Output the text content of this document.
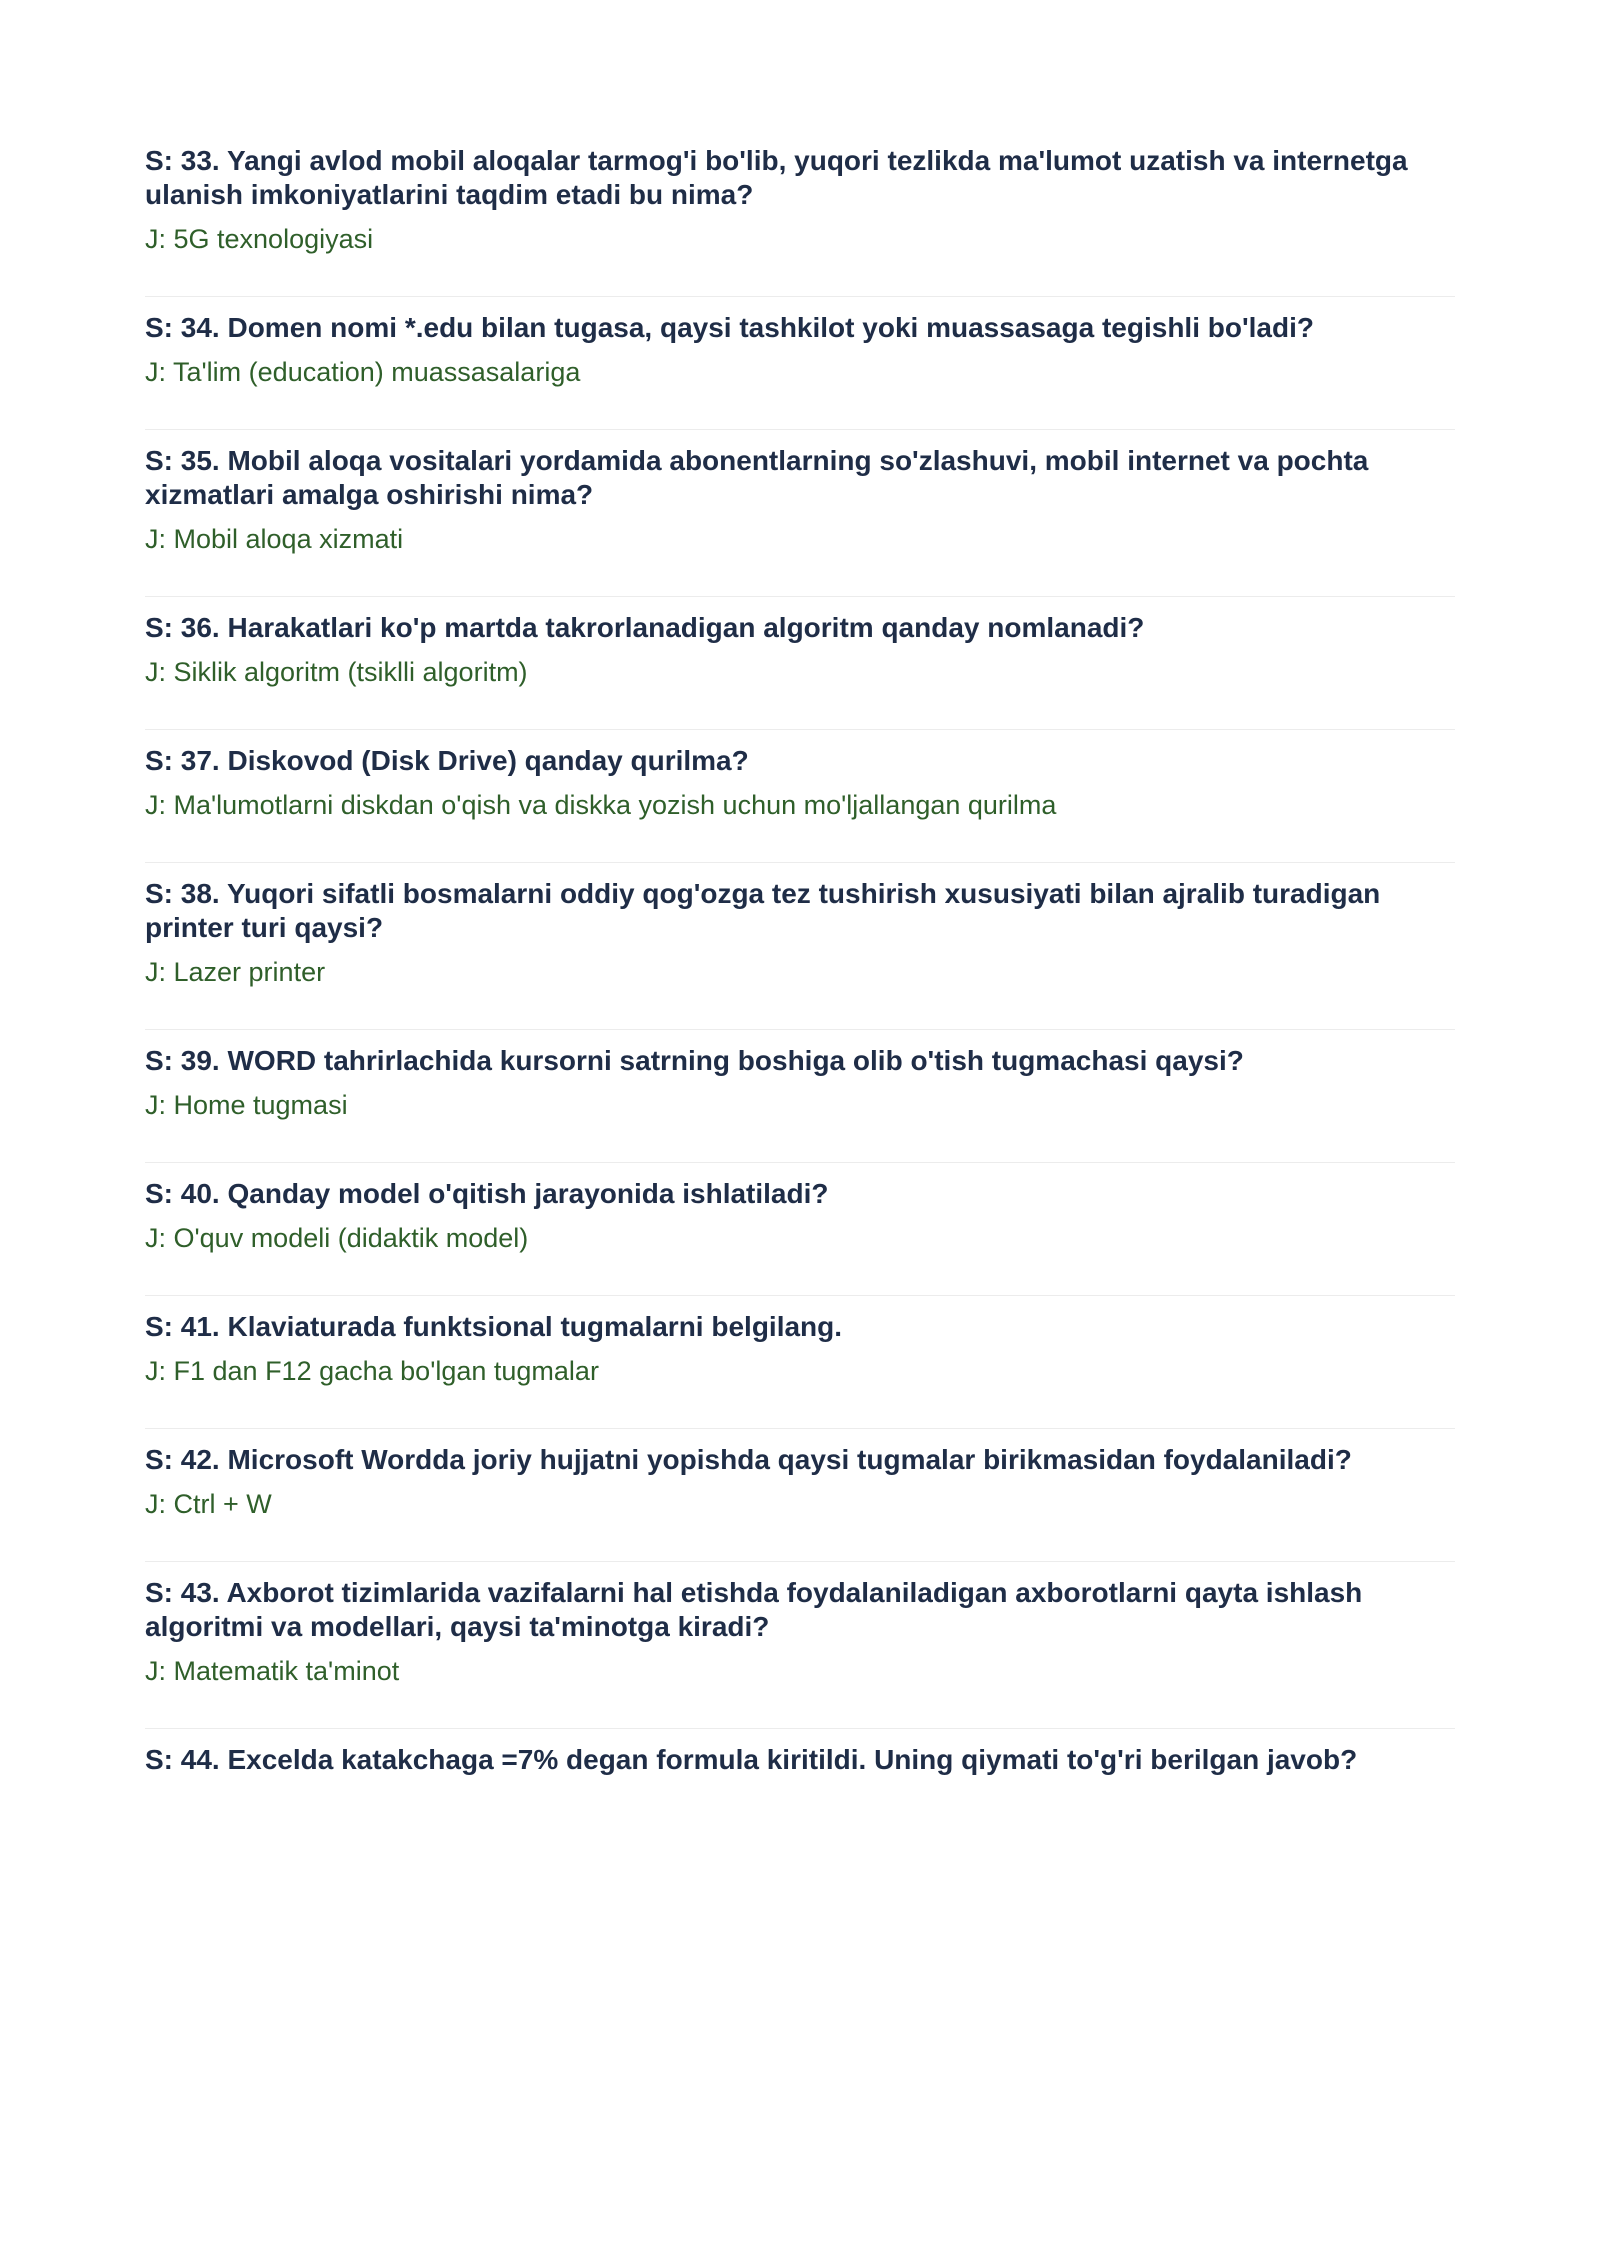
S: 33. Yangi avlod mobil aloqalar tarmog'i bo'lib, yuqori tezlikda ma'lumot uzatish va internetga ulanish imkoniyatlarini taqdim etadi bu nima?

J: 5G texnologiyasi

S: 34. Domen nomi *.edu bilan tugasa, qaysi tashkilot yoki muassasaga tegishli bo'ladi?

J: Ta'lim (education) muassasalariga

S: 35. Mobil aloqa vositalari yordamida abonentlarning so'zlashuvi, mobil internet va pochta xizmatlari amalga oshirishi nima?

J: Mobil aloqa xizmati

S: 36. Harakatlari ko'p martda takrorlanadigan algoritm qanday nomlanadi?

J: Siklik algoritm (tsiklli algoritm)

S: 37. Diskovod (Disk Drive) qanday qurilma?

J: Ma'lumotlarni diskdan o'qish va diskka yozish uchun mo'ljallangan qurilma

S: 38. Yuqori sifatli bosmalarni oddiy qog'ozga tez tushirish xususiyati bilan ajralib turadigan printer turi qaysi?

J: Lazer printer

S: 39. WORD tahrirlachida kursorni satrning boshiga olib o'tish tugmachasi qaysi?

J: Home tugmasi

S: 40. Qanday model o'qitish jarayonida ishlatiladi?

J: O'quv modeli (didaktik model)

S: 41. Klaviaturada funktsional tugmalarni belgilang.

J: F1 dan F12 gacha bo'lgan tugmalar

S: 42. Microsoft Wordda joriy hujjatni yopishda qaysi tugmalar birikmasidan foydalaniladi?

J: Ctrl + W

S: 43. Axborot tizimlarida vazifalarni hal etishda foydalaniladigan axborotlarni qayta ishlash algoritmi va modellari, qaysi ta'minotga kiradi?

J: Matematik ta'minot

S: 44. Excelda katakchaga =7% degan formula kiritildi. Uning qiymati to'g'ri berilgan javob?
